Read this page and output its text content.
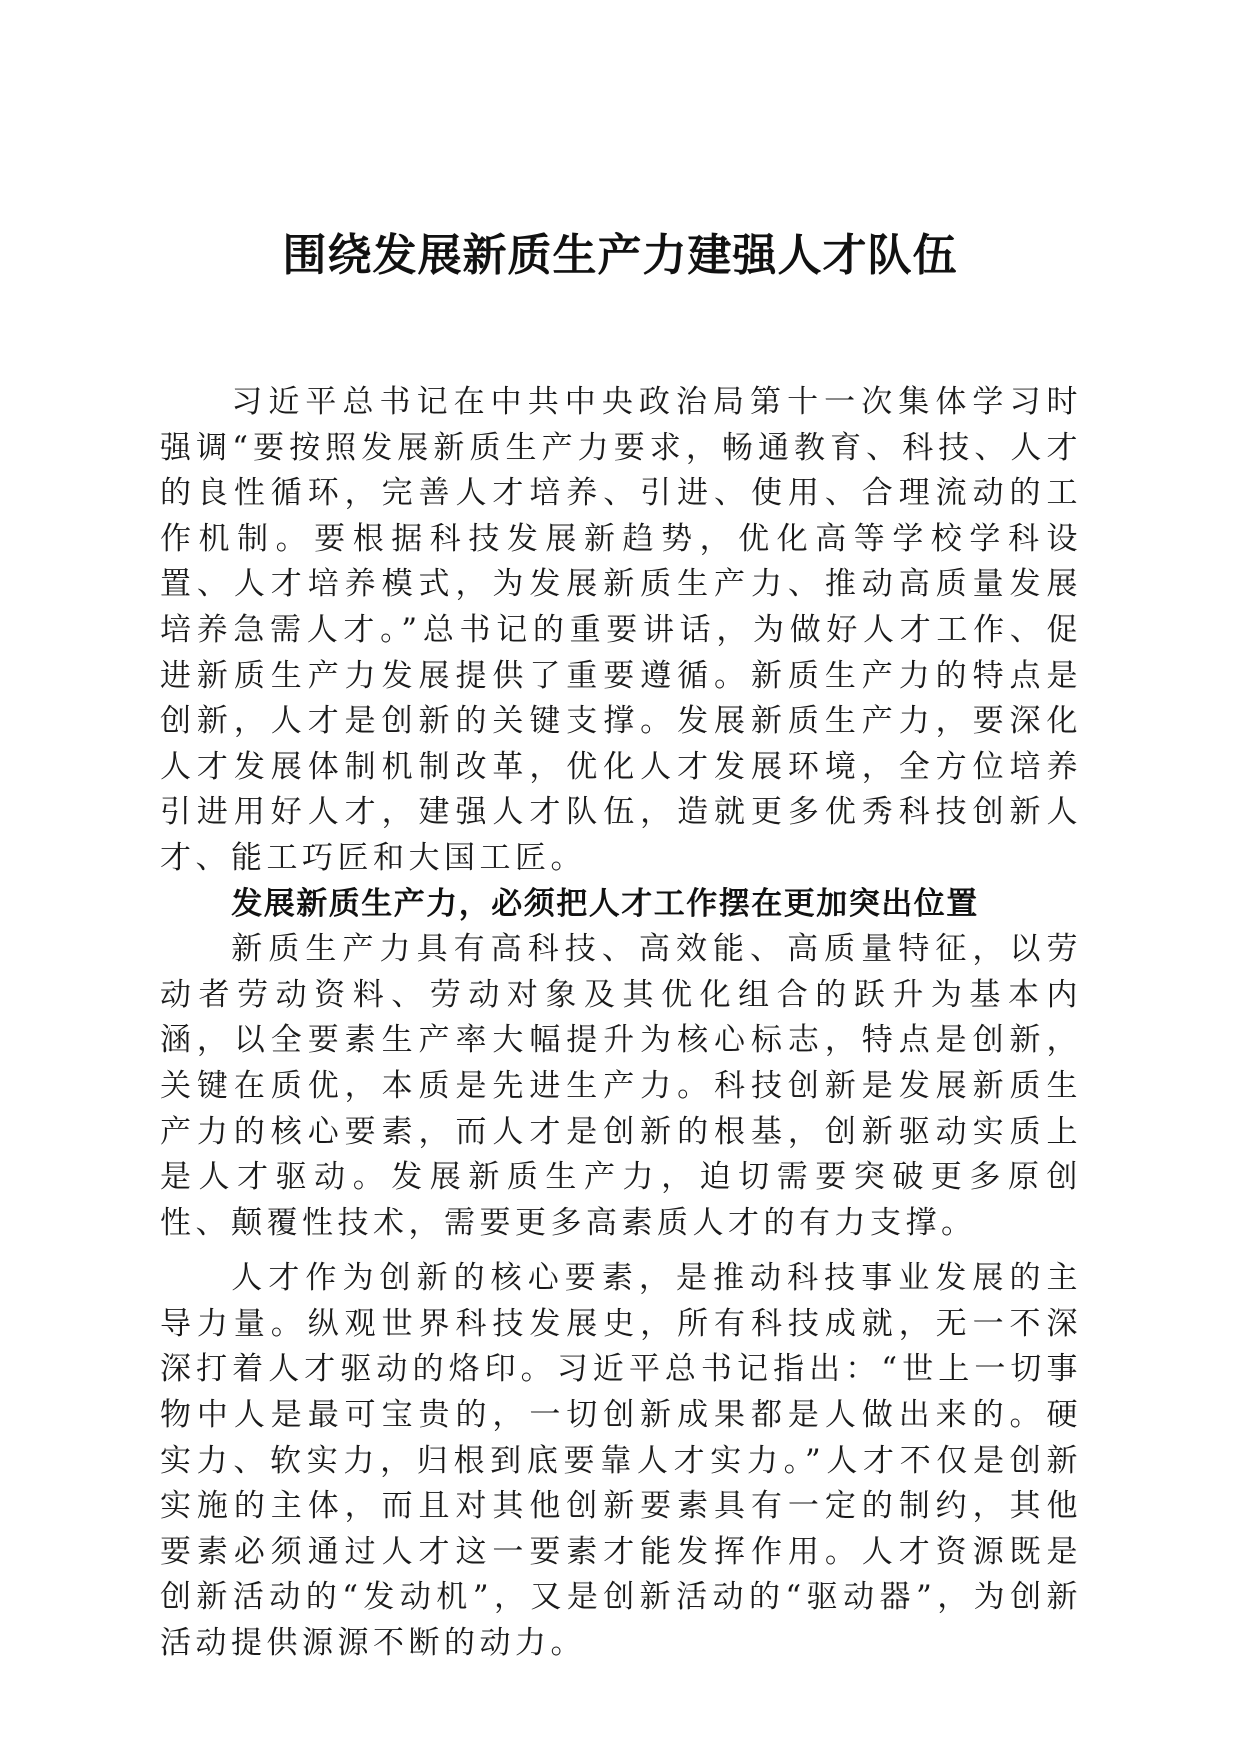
围绕发展新质生产力建强人才队伍

习近平总书记在中共中央政治局第十一次集体学习时强调“要按照发展新质生产力要求，畅通教育、科技、人才的良性循环，完善人才培养、引进、使用、合理流动的工作机制。要根据科技发展新趋势，优化高等学校学科设置、人才培养模式，为发展新质生产力、推动高质量发展培养急需人才。”总书记的重要讲话，为做好人才工作、促进新质生产力发展提供了重要遵循。新质生产力的特点是创新，人才是创新的关键支撑。发展新质生产力，要深化人才发展体制机制改革，优化人才发展环境，全方位培养引进用好人才，建强人才队伍，造就更多优秀科技创新人才、能工巧匠和大国工匠。

发展新质生产力，必须把人才工作摆在更加突出位置

新质生产力具有高科技、高效能、高质量特征，以劳动者劳动资料、劳动对象及其优化组合的跃升为基本内涵，以全要素生产率大幅提升为核心标志，特点是创新，关键在质优，本质是先进生产力。科技创新是发展新质生产力的核心要素，而人才是创新的根基，创新驱动实质上是人才驱动。发展新质生产力，迫切需要突破更多原创性、颠覆性技术，需要更多高素质人才的有力支撑。

人才作为创新的核心要素，是推动科技事业发展的主导力量。纵观世界科技发展史，所有科技成就，无一不深深打着人才驱动的烙印。习近平总书记指出：“世上一切事物中人是最可宝贵的，一切创新成果都是人做出来的。硬实力、软实力，归根到底要靠人才实力。”人才不仅是创新实施的主体，而且对其他创新要素具有一定的制约，其他要素必须通过人才这一要素才能发挥作用。人才资源既是创新活动的“发动机”，又是创新活动的“驱动器”，为创新活动提供源源不断的动力。
